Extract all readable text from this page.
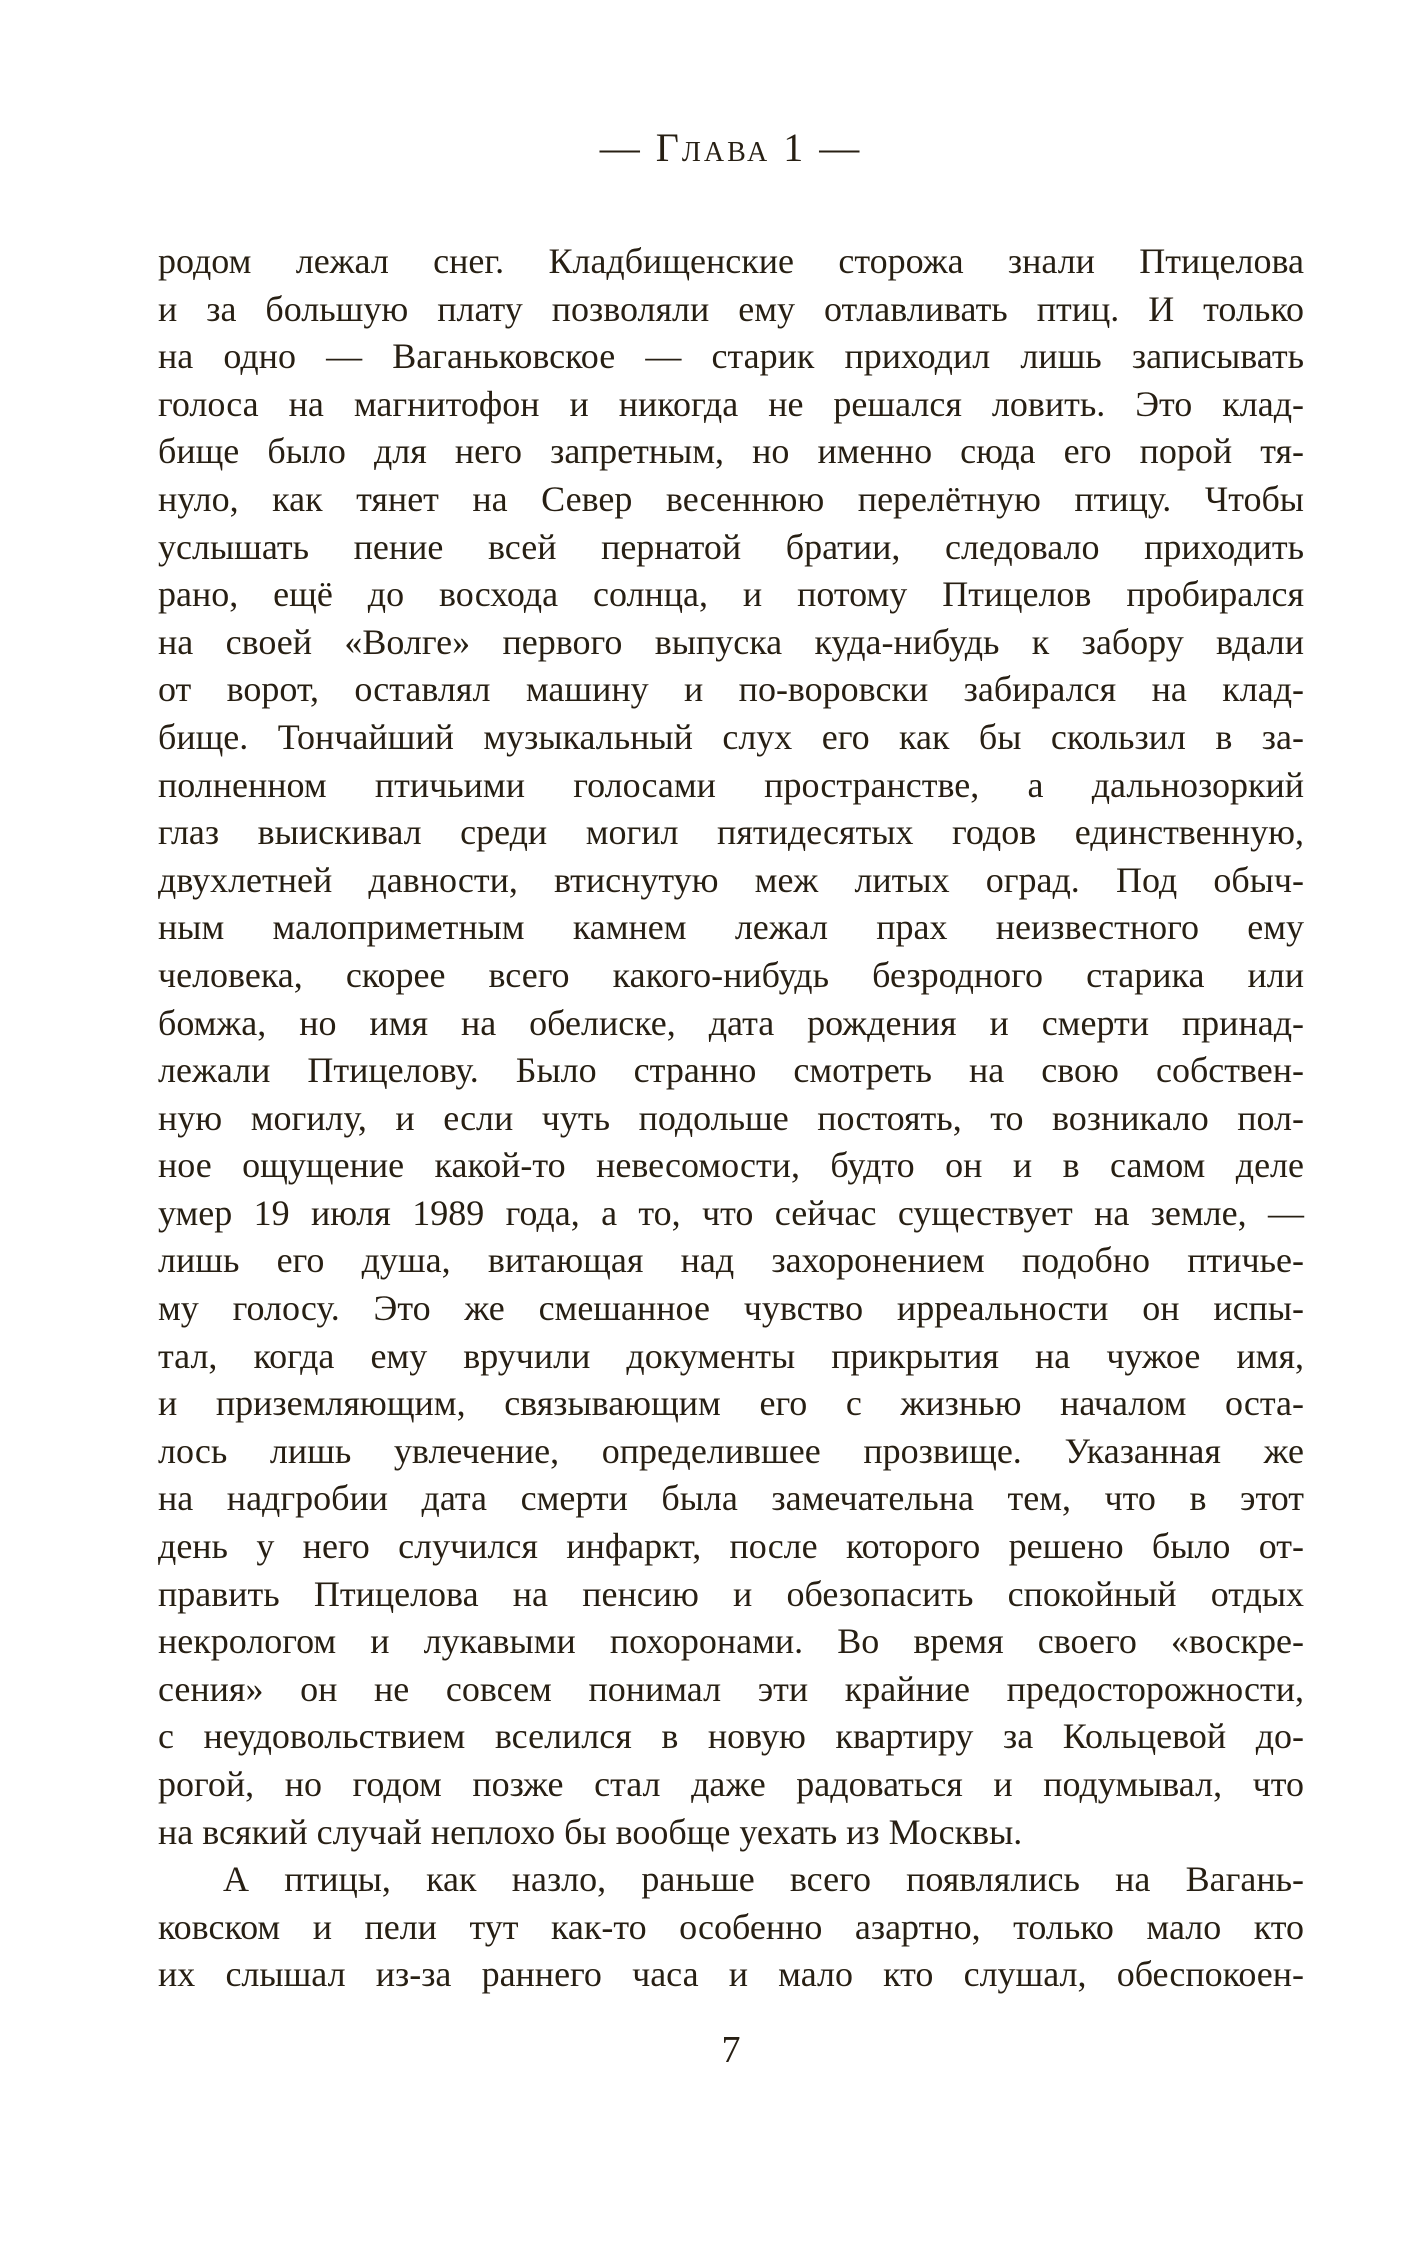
— Глава 1 —
родом лежал снег. Кладбищенские сторожа знали Птицелова
и за большую плату позволяли ему отлавливать птиц. И только
на одно — Ваганьковское — старик приходил лишь записывать
голоса на магнитофон и никогда не решался ловить. Это клад-
бище было для него запретным, но именно сюда его порой тя-
нуло, как тянет на Север весеннюю перелётную птицу. Чтобы
услышать пение всей пернатой братии, следовало приходить
рано, ещё до восхода солнца, и потому Птицелов пробирался
на своей «Волге» первого выпуска куда-нибудь к забору вдали
от ворот, оставлял машину и по-воровски забирался на клад-
бище. Тончайший музыкальный слух его как бы скользил в за-
полненном птичьими голосами пространстве, а дальнозоркий
глаз выискивал среди могил пятидесятых годов единственную,
двухлетней давности, втиснутую меж литых оград. Под обыч-
ным малоприметным камнем лежал прах неизвестного ему
человека, скорее всего какого-нибудь безродного старика или
бомжа, но имя на обелиске, дата рождения и смерти принад-
лежали Птицелову. Было странно смотреть на свою собствен-
ную могилу, и если чуть подольше постоять, то возникало пол-
ное ощущение какой-то невесомости, будто он и в самом деле
умер 19 июля 1989 года, а то, что сейчас существует на земле, —
лишь его душа, витающая над захоронением подобно птичье-
му голосу. Это же смешанное чувство ирреальности он испы-
тал, когда ему вручили документы прикрытия на чужое имя,
и приземляющим, связывающим его с жизнью началом оста-
лось лишь увлечение, определившее прозвище. Указанная же
на надгробии дата смерти была замечательна тем, что в этот
день у него случился инфаркт, после которого решено было от-
править Птицелова на пенсию и обезопасить спокойный отдых
некрологом и лукавыми похоронами. Во время своего «воскре-
сения» он не совсем понимал эти крайние предосторожности,
с неудовольствием вселился в новую квартиру за Кольцевой до-
рогой, но годом позже стал даже радоваться и подумывал, что
на всякий случай неплохо бы вообще уехать из Москвы.
А птицы, как назло, раньше всего появлялись на Вагань-
ковском и пели тут как-то особенно азартно, только мало кто
их слышал из-за раннего часа и мало кто слушал, обеспокоен-
7
